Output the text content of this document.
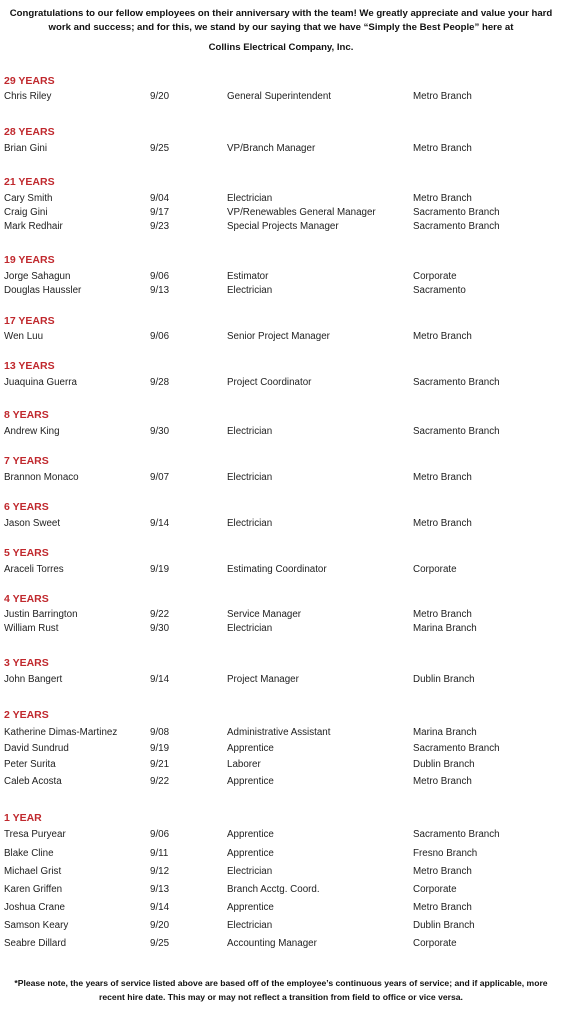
Congratulations to our fellow employees on their anniversary with the team! We greatly appreciate and value your hard work and success; and for this, we stand by our saying that we have “Simply the Best People” here at
Collins Electrical Company, Inc.
29 YEARS
Chris Riley	9/20	General Superintendent	Metro Branch
28 YEARS
Brian Gini	9/25	VP/Branch Manager	Metro Branch
21 YEARS
Cary Smith	9/04	Electrician	Metro Branch
Craig Gini	9/17	VP/Renewables General Manager	Sacramento Branch
Mark Redhair	9/23	Special Projects Manager	Sacramento Branch
19 YEARS
Jorge Sahagun	9/06	Estimator	Corporate
Douglas Haussler	9/13	Electrician	Sacramento
17 YEARS
Wen Luu	9/06	Senior Project Manager	Metro Branch
13 YEARS
Juaquina Guerra	9/28	Project Coordinator	Sacramento Branch
8 YEARS
Andrew King	9/30	Electrician	Sacramento Branch
7 YEARS
Brannon Monaco	9/07	Electrician	Metro Branch
6 YEARS
Jason Sweet	9/14	Electrician	Metro Branch
5 YEARS
Araceli Torres	9/19	Estimating Coordinator	Corporate
4 YEARS
Justin Barrington	9/22	Service Manager	Metro Branch
William Rust	9/30	Electrician	Marina Branch
3 YEARS
John Bangert	9/14	Project Manager	Dublin Branch
2 YEARS
Katherine Dimas-Martinez	9/08	Administrative Assistant	Marina Branch
David Sundrud	9/19	Apprentice	Sacramento Branch
Peter Surita	9/21	Laborer	Dublin Branch
Caleb Acosta	9/22	Apprentice	Metro Branch
1 YEAR
Tresa Puryear	9/06	Apprentice	Sacramento Branch
Blake Cline	9/11	Apprentice	Fresno Branch
Michael Grist	9/12	Electrician	Metro Branch
Karen Griffen	9/13	Branch Acctg. Coord.	Corporate
Joshua Crane	9/14	Apprentice	Metro Branch
Samson Keary	9/20	Electrician	Dublin Branch
Seabre Dillard	9/25	Accounting Manager	Corporate
*Please note, the years of service listed above are based off of the employee’s continuous years of service; and if applicable, more recent hire date. This may or may not reflect a transition from field to office or vice versa.
